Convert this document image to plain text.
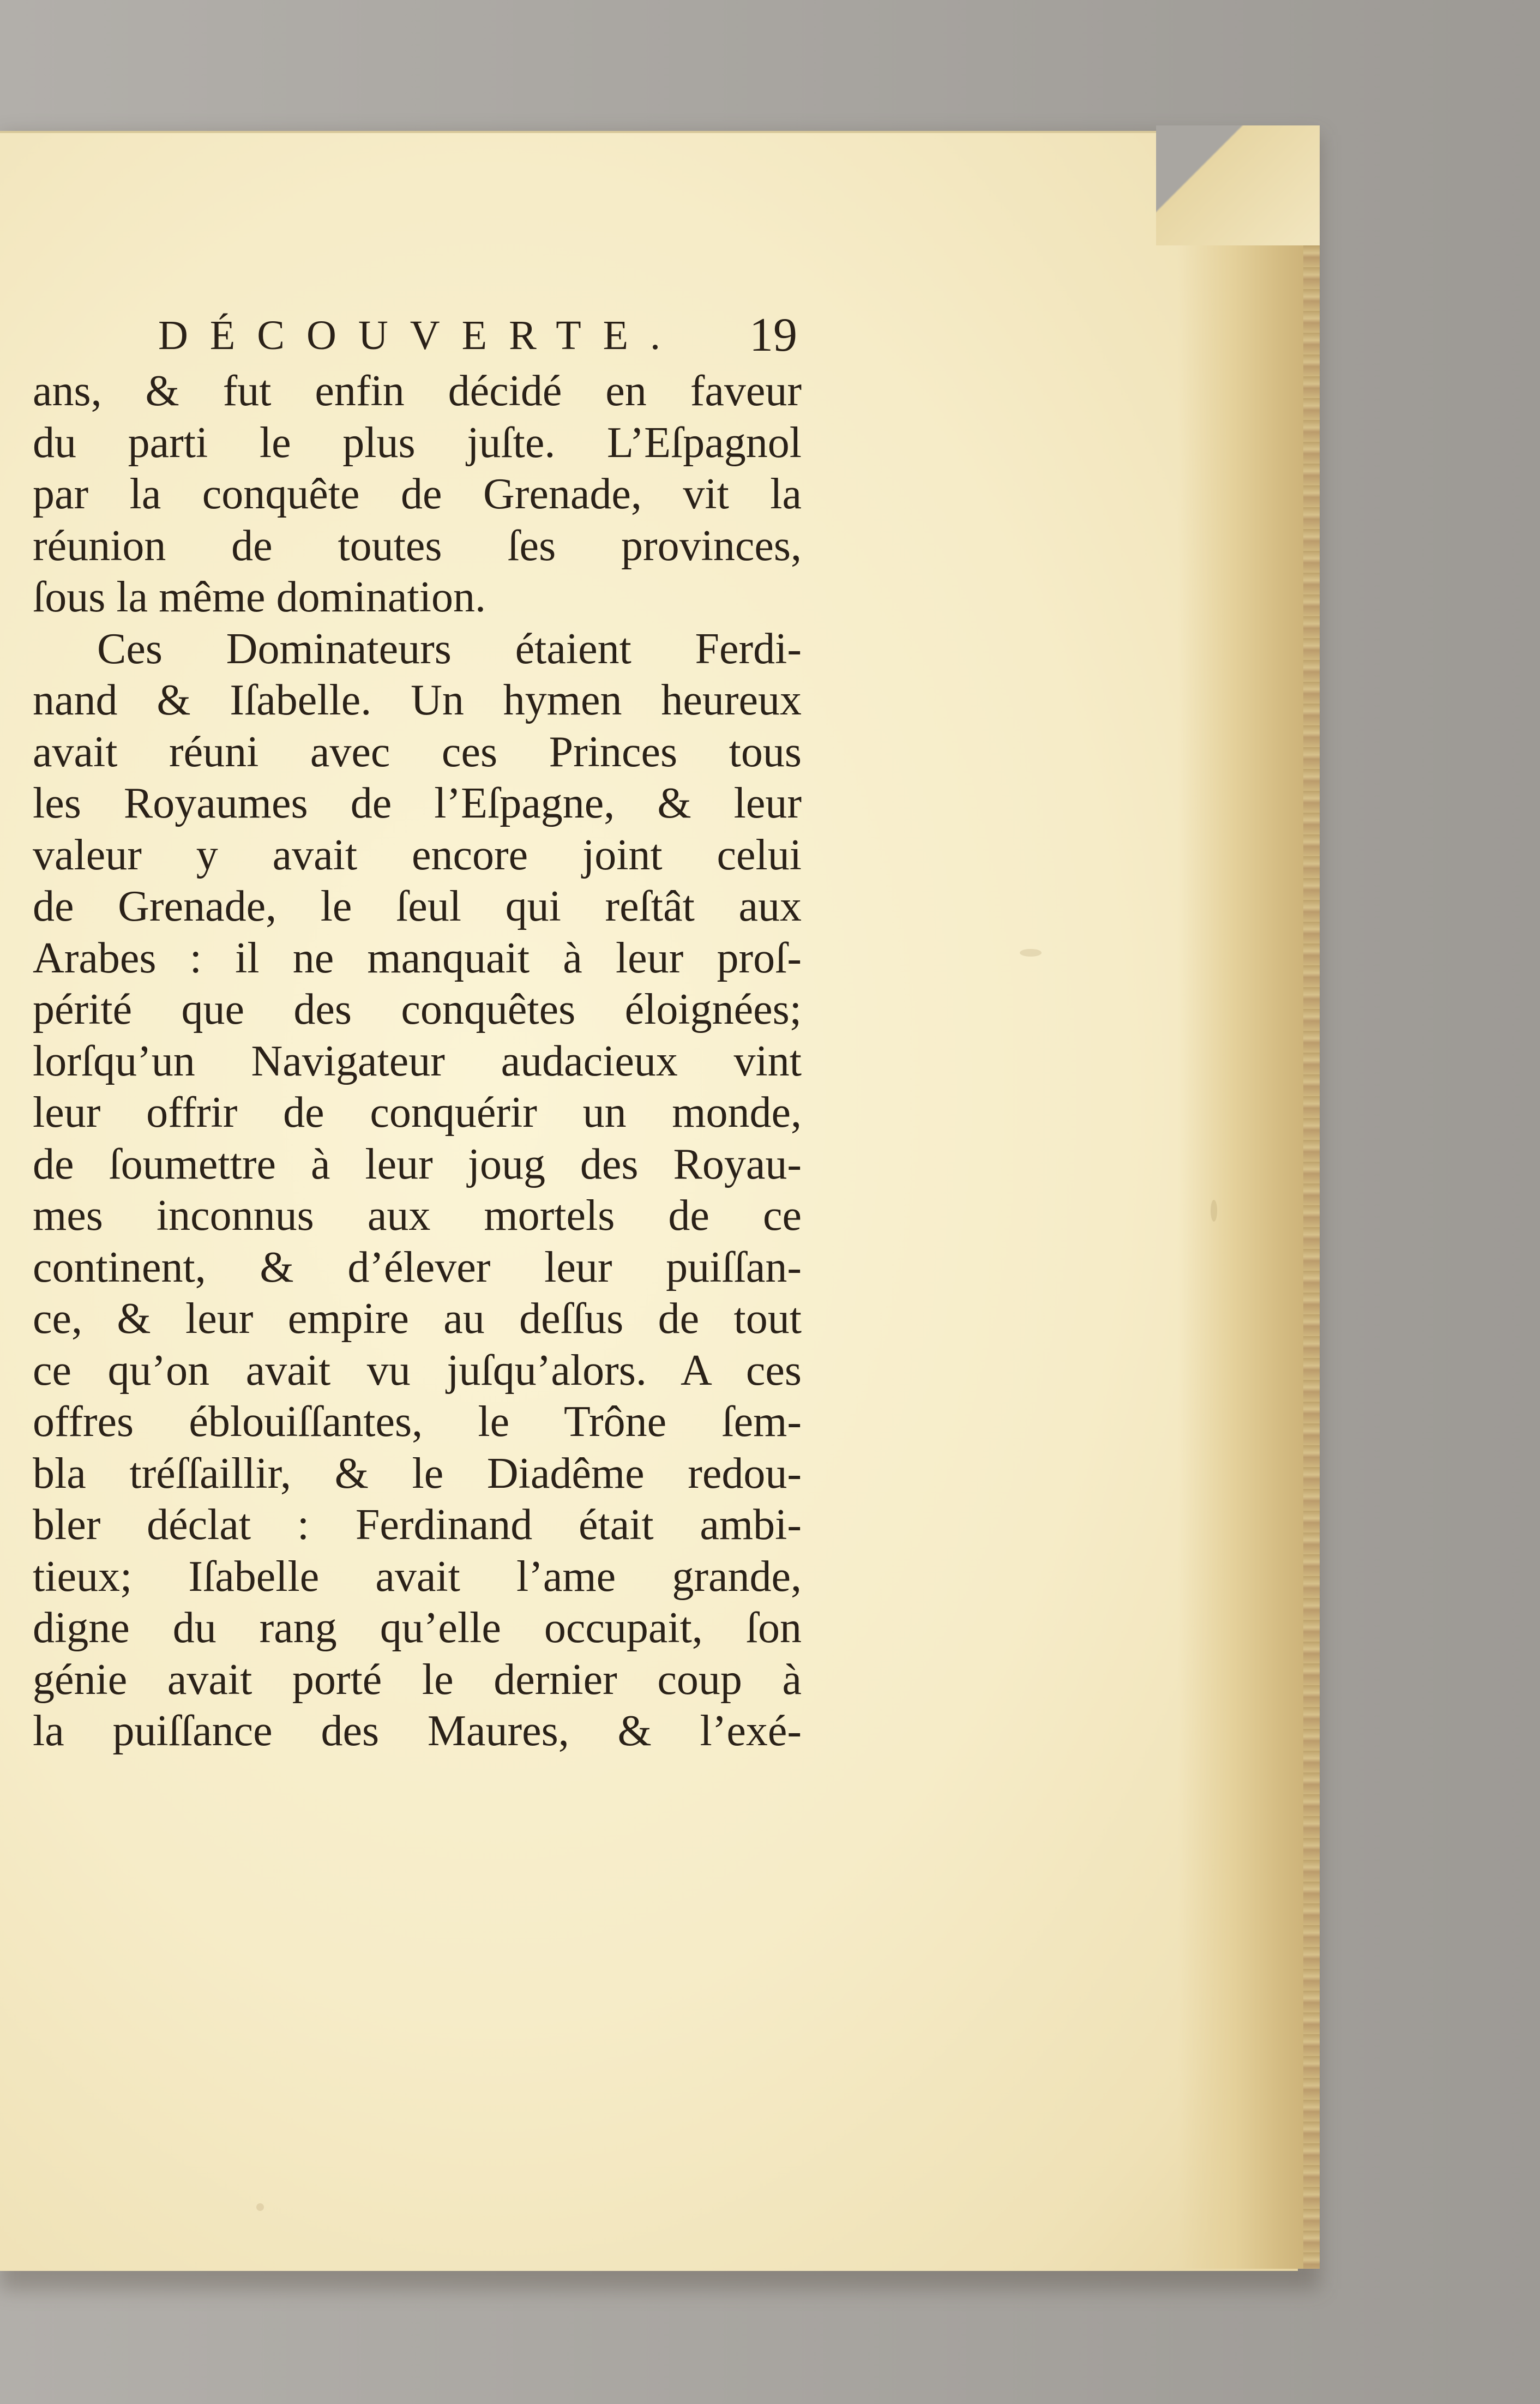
DÉCOUVERTE. 19
ans, & fut enfin décidé en faveur
du parti le plus juſte. L’Eſpagnol
par la conquête de Grenade, vit la
réunion de toutes ſes provinces,
ſous la même domination.
Ces Dominateurs étaient Ferdi-
nand & Iſabelle. Un hymen heureux
avait réuni avec ces Princes tous
les Royaumes de l’Eſpagne, & leur
valeur y avait encore joint celui
de Grenade, le ſeul qui reſtât aux
Arabes : il ne manquait à leur proſ-
périté que des conquêtes éloignées;
lorſqu’un Navigateur audacieux vint
leur offrir de conquérir un monde,
de ſoumettre à leur joug des Royau-
mes inconnus aux mortels de ce
continent, & d’élever leur puiſſan-
ce, & leur empire au deſſus de tout
ce qu’on avait vu juſqu’alors. A ces
offres éblouiſſantes, le Trône ſem-
bla tréſſaillir, & le Diadême redou-
bler déclat : Ferdinand était ambi-
tieux; Iſabelle avait l’ame grande,
digne du rang qu’elle occupait, ſon
génie avait porté le dernier coup à
la puiſſance des Maures, & l’exé-
